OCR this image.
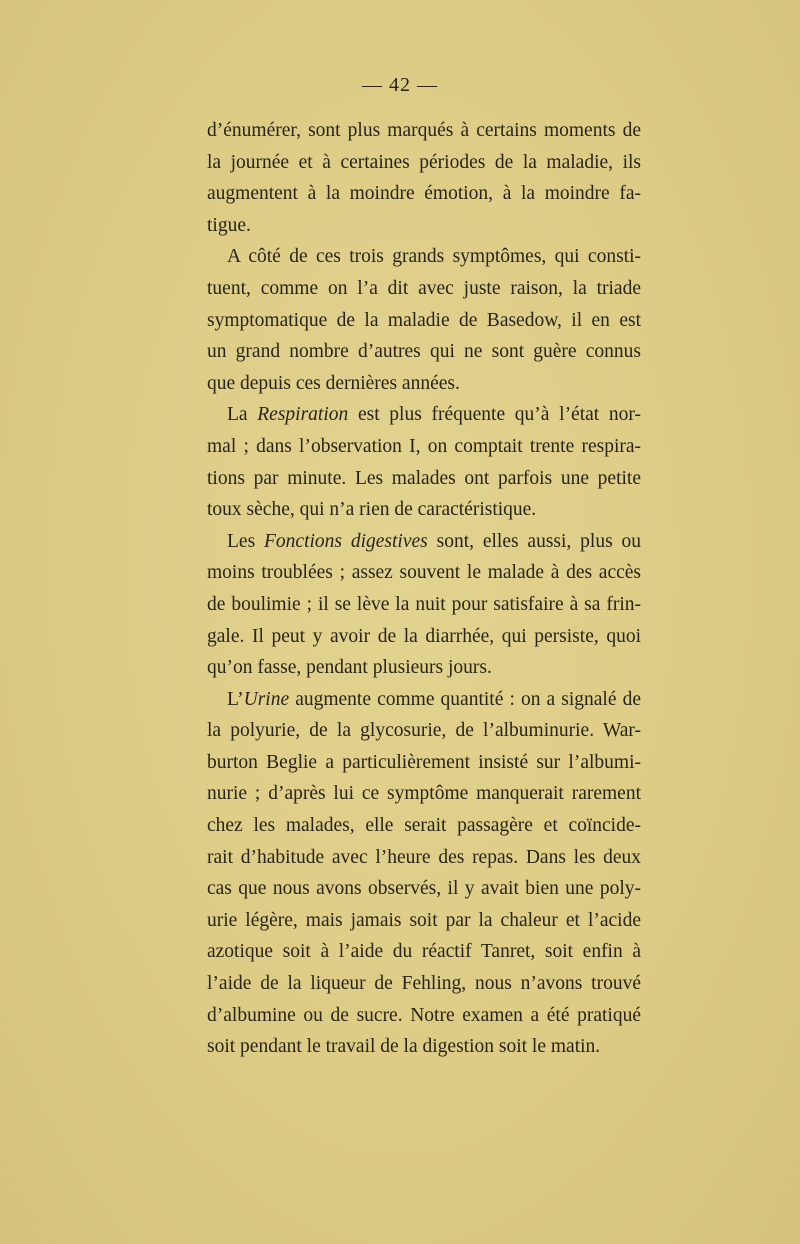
— 42 —
d’énumérer, sont plus marqués à certains moments de
la journée et à certaines périodes de la maladie, ils
augmentent à la moindre émotion, à la moindre fa-
tigue.
A côté de ces trois grands symptômes, qui consti-
tuent, comme on l’a dit avec juste raison, la triade
symptomatique de la maladie de Basedow, il en est
un grand nombre d’autres qui ne sont guère connus
que depuis ces dernières années.
La Respiration est plus fréquente qu’à l’état nor-
mal ; dans l’observation I, on comptait trente respira-
tions par minute. Les malades ont parfois une petite
toux sèche, qui n’a rien de caractéristique.
Les Fonctions digestives sont, elles aussi, plus ou
moins troublées ; assez souvent le malade à des accès
de boulimie ; il se lève la nuit pour satisfaire à sa frin-
gale. Il peut y avoir de la diarrhée, qui persiste, quoi
qu’on fasse, pendant plusieurs jours.
L’Urine augmente comme quantité : on a signalé de
la polyurie, de la glycosurie, de l’albuminurie. War-
burton Beglie a particulièrement insisté sur l’albumi-
nurie ; d’après lui ce symptôme manquerait rarement
chez les malades, elle serait passagère et coïncide-
rait d’habitude avec l’heure des repas. Dans les deux
cas que nous avons observés, il y avait bien une poly-
urie légère, mais jamais soit par la chaleur et l’acide
azotique soit à l’aide du réactif Tanret, soit enfin à
l’aide de la liqueur de Fehling, nous n’avons trouvé
d’albumine ou de sucre. Notre examen a été pratiqué
soit pendant le travail de la digestion soit le matin.
